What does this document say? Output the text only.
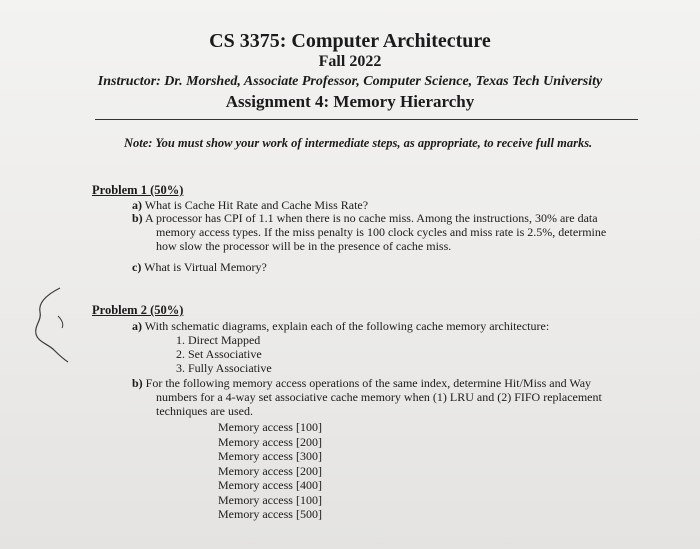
CS 3375: Computer Architecture
Fall 2022
Instructor: Dr. Morshed, Associate Professor, Computer Science, Texas Tech University
Assignment 4: Memory Hierarchy
Note: You must show your work of intermediate steps, as appropriate, to receive full marks.
Problem 1 (50%)
a) What is Cache Hit Rate and Cache Miss Rate?
b) A processor has CPI of 1.1 when there is no cache miss. Among the instructions, 30% are data
memory access types. If the miss penalty is 100 clock cycles and miss rate is 2.5%, determine
how slow the processor will be in the presence of cache miss.
c) What is Virtual Memory?
Problem 2 (50%)
a) With schematic diagrams, explain each of the following cache memory architecture:
1. Direct Mapped
2. Set Associative
3. Fully Associative
b) For the following memory access operations of the same index, determine Hit/Miss and Way
numbers for a 4-way set associative cache memory when (1) LRU and (2) FIFO replacement
techniques are used.
Memory access [100]
Memory access [200]
Memory access [300]
Memory access [200]
Memory access [400]
Memory access [100]
Memory access [500]
